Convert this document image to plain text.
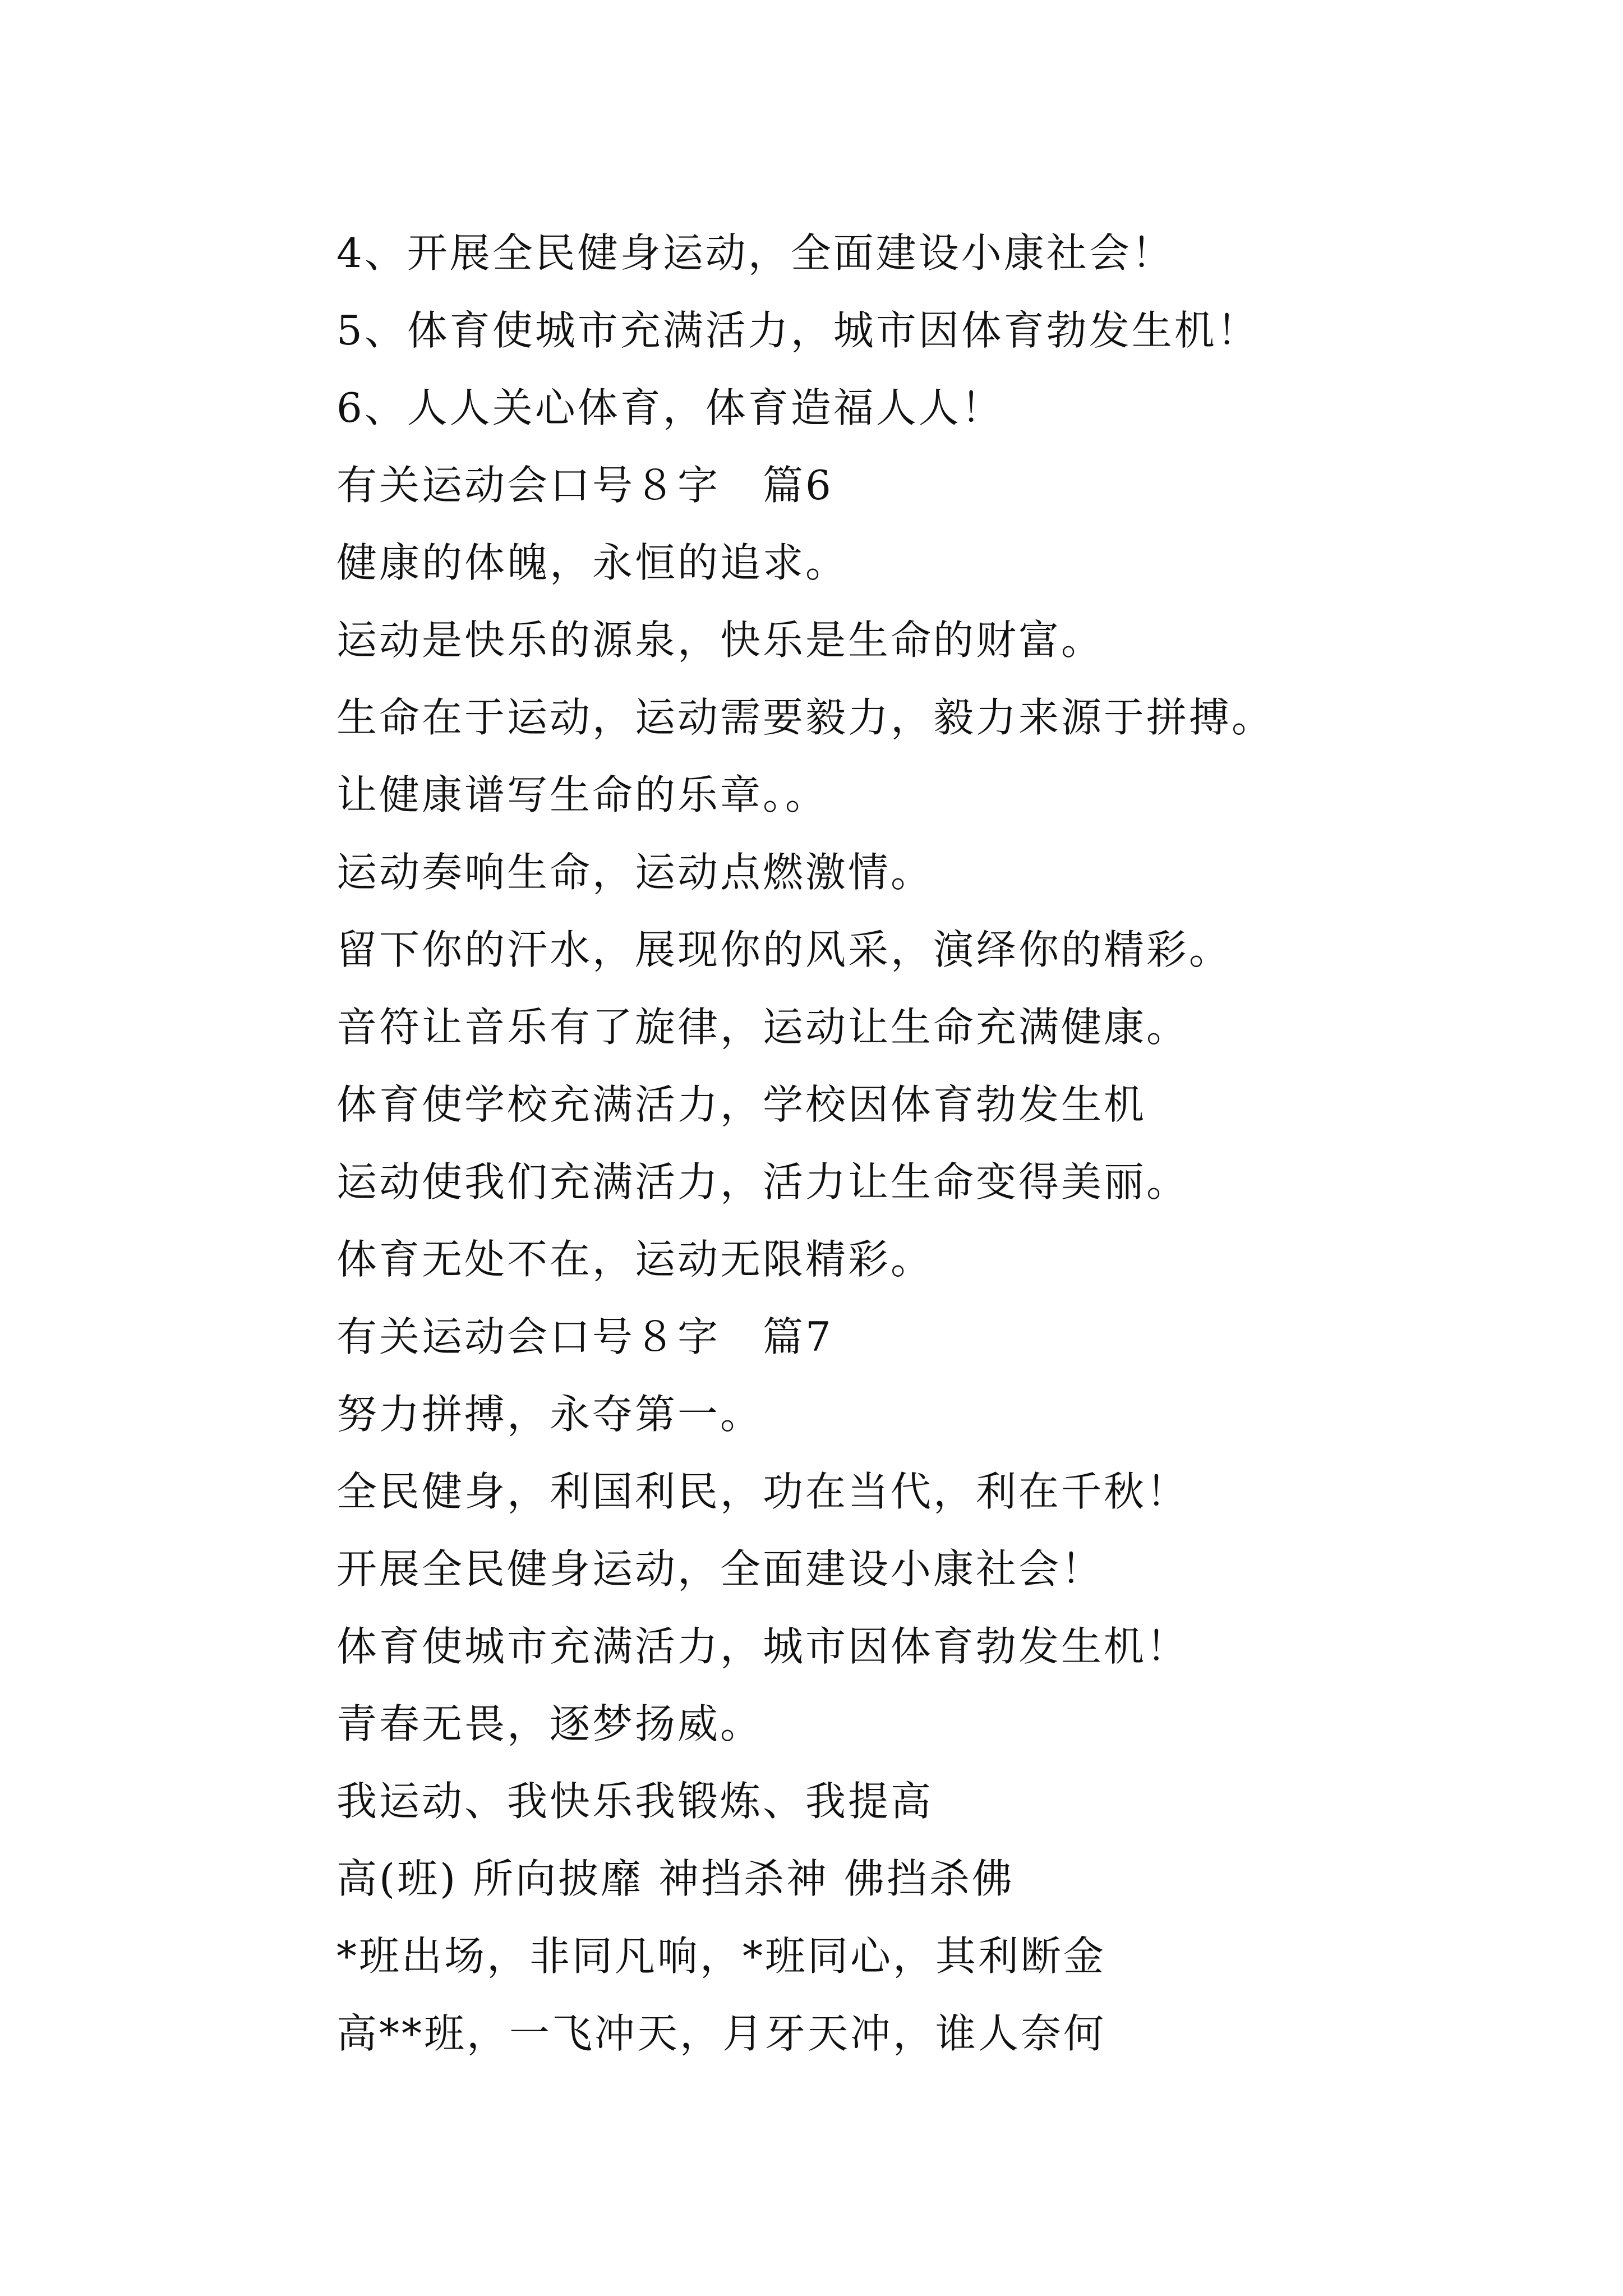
4、开展全民健身运动，全面建设小康社会！
5、体育使城市充满活力，城市因体育勃发生机！
6、人人关心体育，体育造福人人！
有关运动会口号８字　篇6
健康的体魄，永恒的追求。
运动是快乐的源泉，快乐是生命的财富。
生命在于运动，运动需要毅力，毅力来源于拼搏。
让健康谱写生命的乐章。。
运动奏响生命，运动点燃激情。
留下你的汗水，展现你的风采，演绎你的精彩。
音符让音乐有了旋律，运动让生命充满健康。
体育使学校充满活力，学校因体育勃发生机
运动使我们充满活力，活力让生命变得美丽。
体育无处不在，运动无限精彩。
有关运动会口号８字　篇7
努力拼搏，永夺第一。
全民健身，利国利民，功在当代，利在千秋！
开展全民健身运动，全面建设小康社会！
体育使城市充满活力，城市因体育勃发生机！
青春无畏，逐梦扬威。
我运动、我快乐我锻炼、我提高
高(班) 所向披靡 神挡杀神 佛挡杀佛
*班出场，非同凡响，*班同心，其利断金
高**班，一飞冲天，月牙天冲，谁人奈何
